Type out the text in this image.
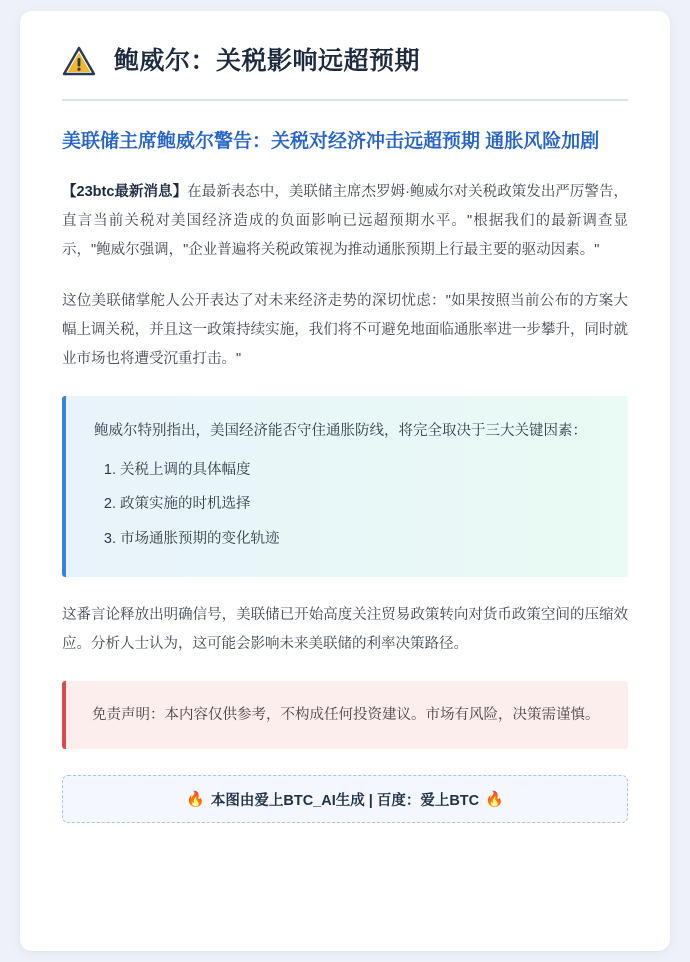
鲍威尔：关税影响远超预期
美联储主席鲍威尔警告：关税对经济冲击远超预期 通胀风险加剧

【23btc最新消息】在最新表态中，美联储主席杰罗姆·鲍威尔对关税政策发出严厉警告，直言当前关税对美国经济造成的负面影响已远超预期水平。"根据我们的最新调查显示，"鲍威尔强调，"企业普遍将关税政策视为推动通胀预期上行最主要的驱动因素。"

这位美联储掌舵人公开表达了对未来经济走势的深切忧虑："如果按照当前公布的方案大幅上调关税，并且这一政策持续实施，我们将不可避免地面临通胀率进一步攀升，同时就业市场也将遭受沉重打击。"

鲍威尔特别指出，美国经济能否守住通胀防线，将完全取决于三大关键因素：

1. 关税上调的具体幅度
2. 政策实施的时机选择
3. 市场通胀预期的变化轨迹

这番言论释放出明确信号，美联储已开始高度关注贸易政策转向对货币政策空间的压缩效应。分析人士认为，这可能会影响未来美联储的利率决策路径。

免责声明：本内容仅供参考，不构成任何投资建议。市场有风险，决策需谨慎。

🔥 本图由爱上BTC_AI生成 | 百度：爱上BTC 🔥
